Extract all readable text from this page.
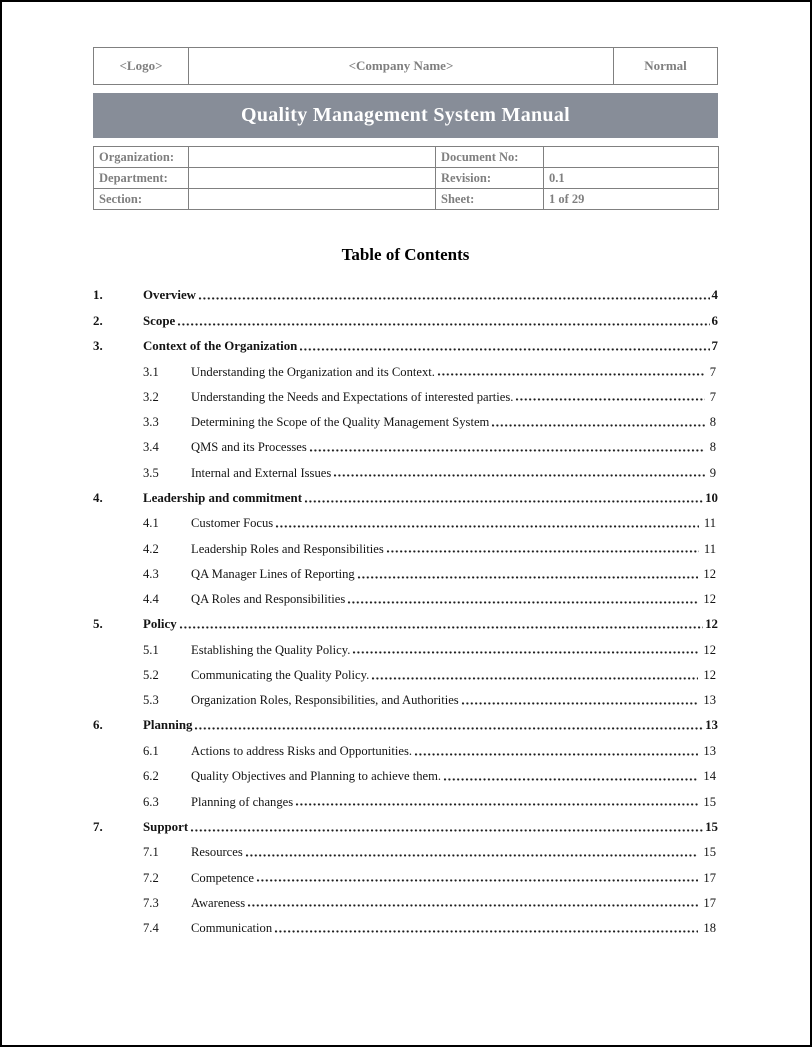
<Logo>	<Company Name>	Normal
Quality Management System Manual
Organization:		Document No:	
Department:		Revision:	0.1
Section:		Sheet:	1 of 29
Table of Contents
1.	Overview	4
2.	Scope	6
3.	Context of the Organization	7
3.1	Understanding the Organization and its Context.	7
3.2	Understanding the Needs and Expectations of interested parties.	7
3.3	Determining the Scope of the Quality Management System	8
3.4	QMS and its Processes	8
3.5	Internal and External Issues	9
4.	Leadership and commitment	10
4.1	Customer Focus	11
4.2	Leadership Roles and Responsibilities	11
4.3	QA Manager Lines of Reporting	12
4.4	QA Roles and Responsibilities	12
5.	Policy	12
5.1	Establishing the Quality Policy.	12
5.2	Communicating the Quality Policy.	12
5.3	Organization Roles, Responsibilities, and Authorities	13
6.	Planning	13
6.1	Actions to address Risks and Opportunities.	13
6.2	Quality Objectives and Planning to achieve them.	14
6.3	Planning of changes	15
7.	Support	15
7.1	Resources	15
7.2	Competence	17
7.3	Awareness	17
7.4	Communication	18
